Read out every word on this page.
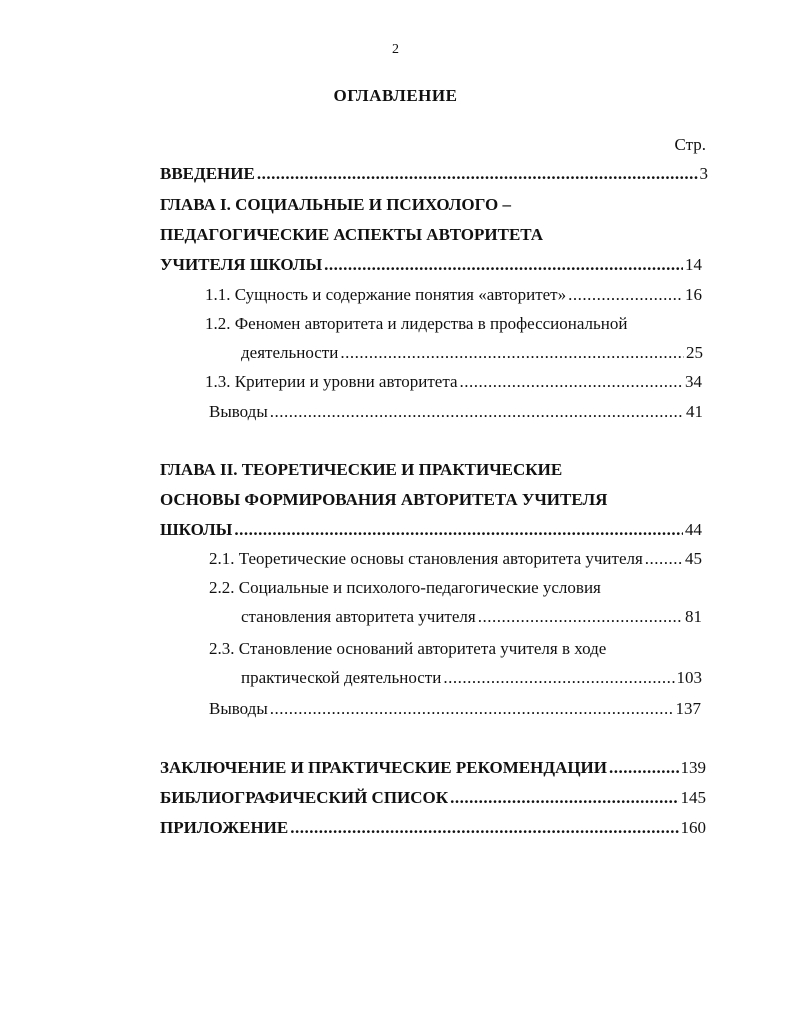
2
ОГЛАВЛЕНИЕ
Стр.
ВВЕДЕНИЕ .....	3
ГЛАВА I. СОЦИАЛЬНЫЕ И ПСИХОЛОГО –
ПЕДАГОГИЧЕСКИЕ АСПЕКТЫ АВТОРИТЕТА
УЧИТЕЛЯ ШКОЛЫ .....	14
1.1. Сущность и содержание понятия «авторитет» .....	16
1.2. Феномен авторитета и лидерства в профессиональной
деятельности .....	25
1.3. Критерии и уровни авторитета .....	34
Выводы .....	41
ГЛАВА II. ТЕОРЕТИЧЕСКИЕ И ПРАКТИЧЕСКИЕ
ОСНОВЫ ФОРМИРОВАНИЯ АВТОРИТЕТА УЧИТЕЛЯ
ШКОЛЫ .....	44
2.1. Теоретические основы становления авторитета учителя ..... 45
2.2. Социальные и психолого-педагогические условия
становления авторитета учителя .....	81
2.3. Становление оснований авторитета учителя в ходе
практической деятельности .....	103
Выводы .....	137
ЗАКЛЮЧЕНИЕ И ПРАКТИЧЕСКИЕ РЕКОМЕНДАЦИИ .....	139
БИБЛИОГРАФИЧЕСКИЙ СПИСОК .....	145
ПРИЛОЖЕНИЕ .....	160
